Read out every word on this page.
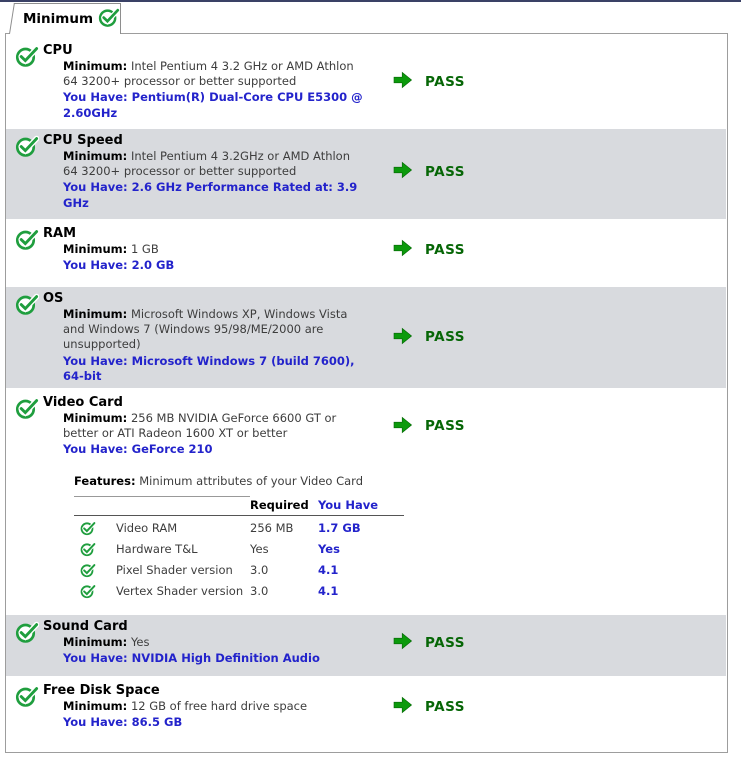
Minimum
CPU
Minimum: Intel Pentium 4 3.2 GHz or AMD Athlon 64 3200+ processor or better supported
You Have: Pentium(R) Dual-Core CPU E5300 @ 2.60GHz
PASS
CPU Speed
Minimum: Intel Pentium 4 3.2GHz or AMD Athlon 64 3200+ processor or better supported
You Have: 2.6 GHz Performance Rated at: 3.9 GHz
PASS
RAM
Minimum: 1 GB
You Have: 2.0 GB
PASS
OS
Minimum: Microsoft Windows XP, Windows Vista and Windows 7 (Windows 95/98/ME/2000 are unsupported)
You Have: Microsoft Windows 7 (build 7600), 64-bit
PASS
Video Card
Minimum: 256 MB NVIDIA GeForce 6600 GT or better or ATI Radeon 1600 XT or better
You Have: GeForce 210
PASS
Features: Minimum attributes of your Video Card
Required You Have
Video RAM	256 MB	1.7 GB
Hardware T&L	Yes	Yes
Pixel Shader version	3.0	4.1
Vertex Shader version 3.0	4.1
Sound Card
Minimum: Yes
You Have: NVIDIA High Definition Audio
PASS
Free Disk Space
Minimum: 12 GB of free hard drive space
You Have: 86.5 GB
PASS
